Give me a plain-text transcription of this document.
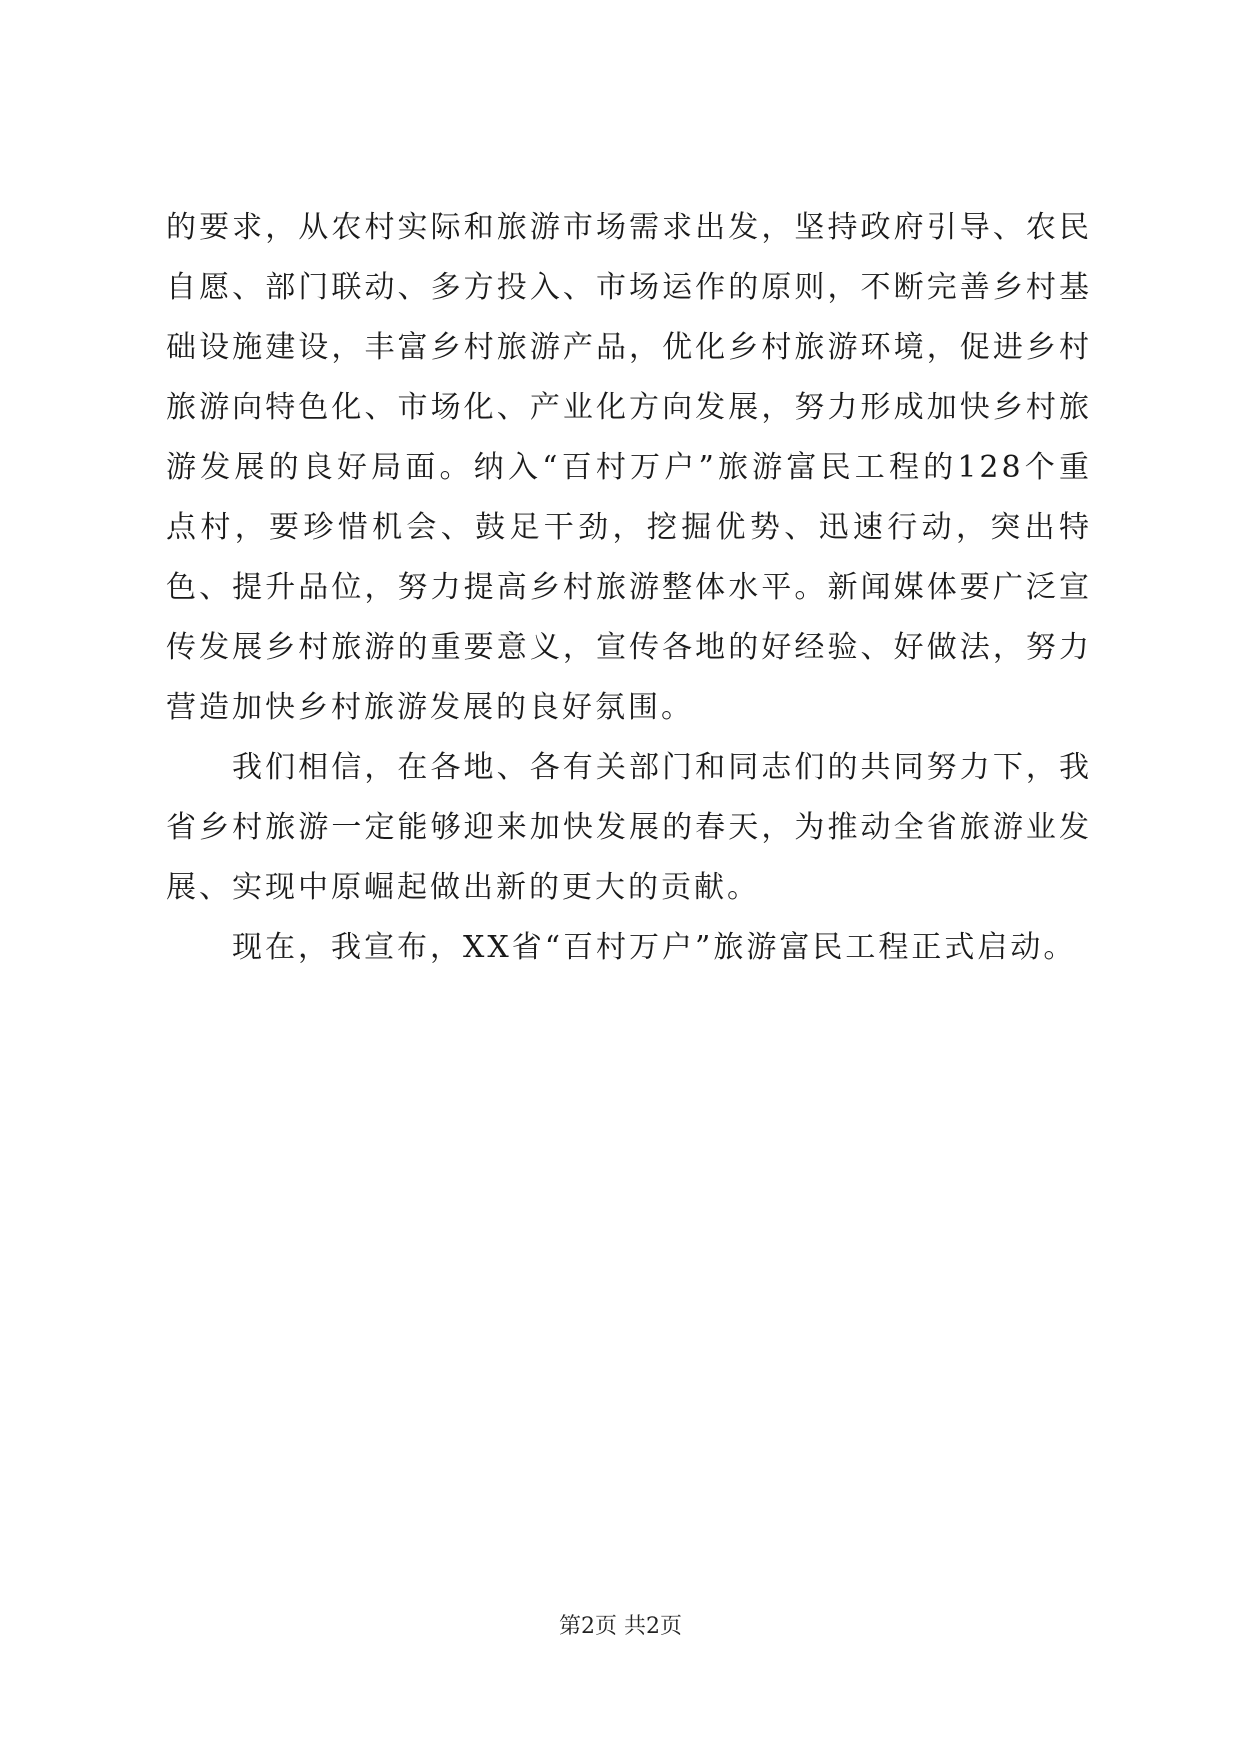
的要求，从农村实际和旅游市场需求出发，坚持政府引导、农民自愿、部门联动、多方投入、市场运作的原则，不断完善乡村基础设施建设，丰富乡村旅游产品，优化乡村旅游环境，促进乡村旅游向特色化、市场化、产业化方向发展，努力形成加快乡村旅游发展的良好局面。纳入“百村万户”旅游富民工程的128个重点村，要珍惜机会、鼓足干劲，挖掘优势、迅速行动，突出特色、提升品位，努力提高乡村旅游整体水平。新闻媒体要广泛宣传发展乡村旅游的重要意义，宣传各地的好经验、好做法，努力营造加快乡村旅游发展的良好氛围。

我们相信，在各地、各有关部门和同志们的共同努力下，我省乡村旅游一定能够迎来加快发展的春天，为推动全省旅游业发展、实现中原崛起做出新的更大的贡献。

现在，我宣布，XX省“百村万户”旅游富民工程正式启动。

第2页 共2页
